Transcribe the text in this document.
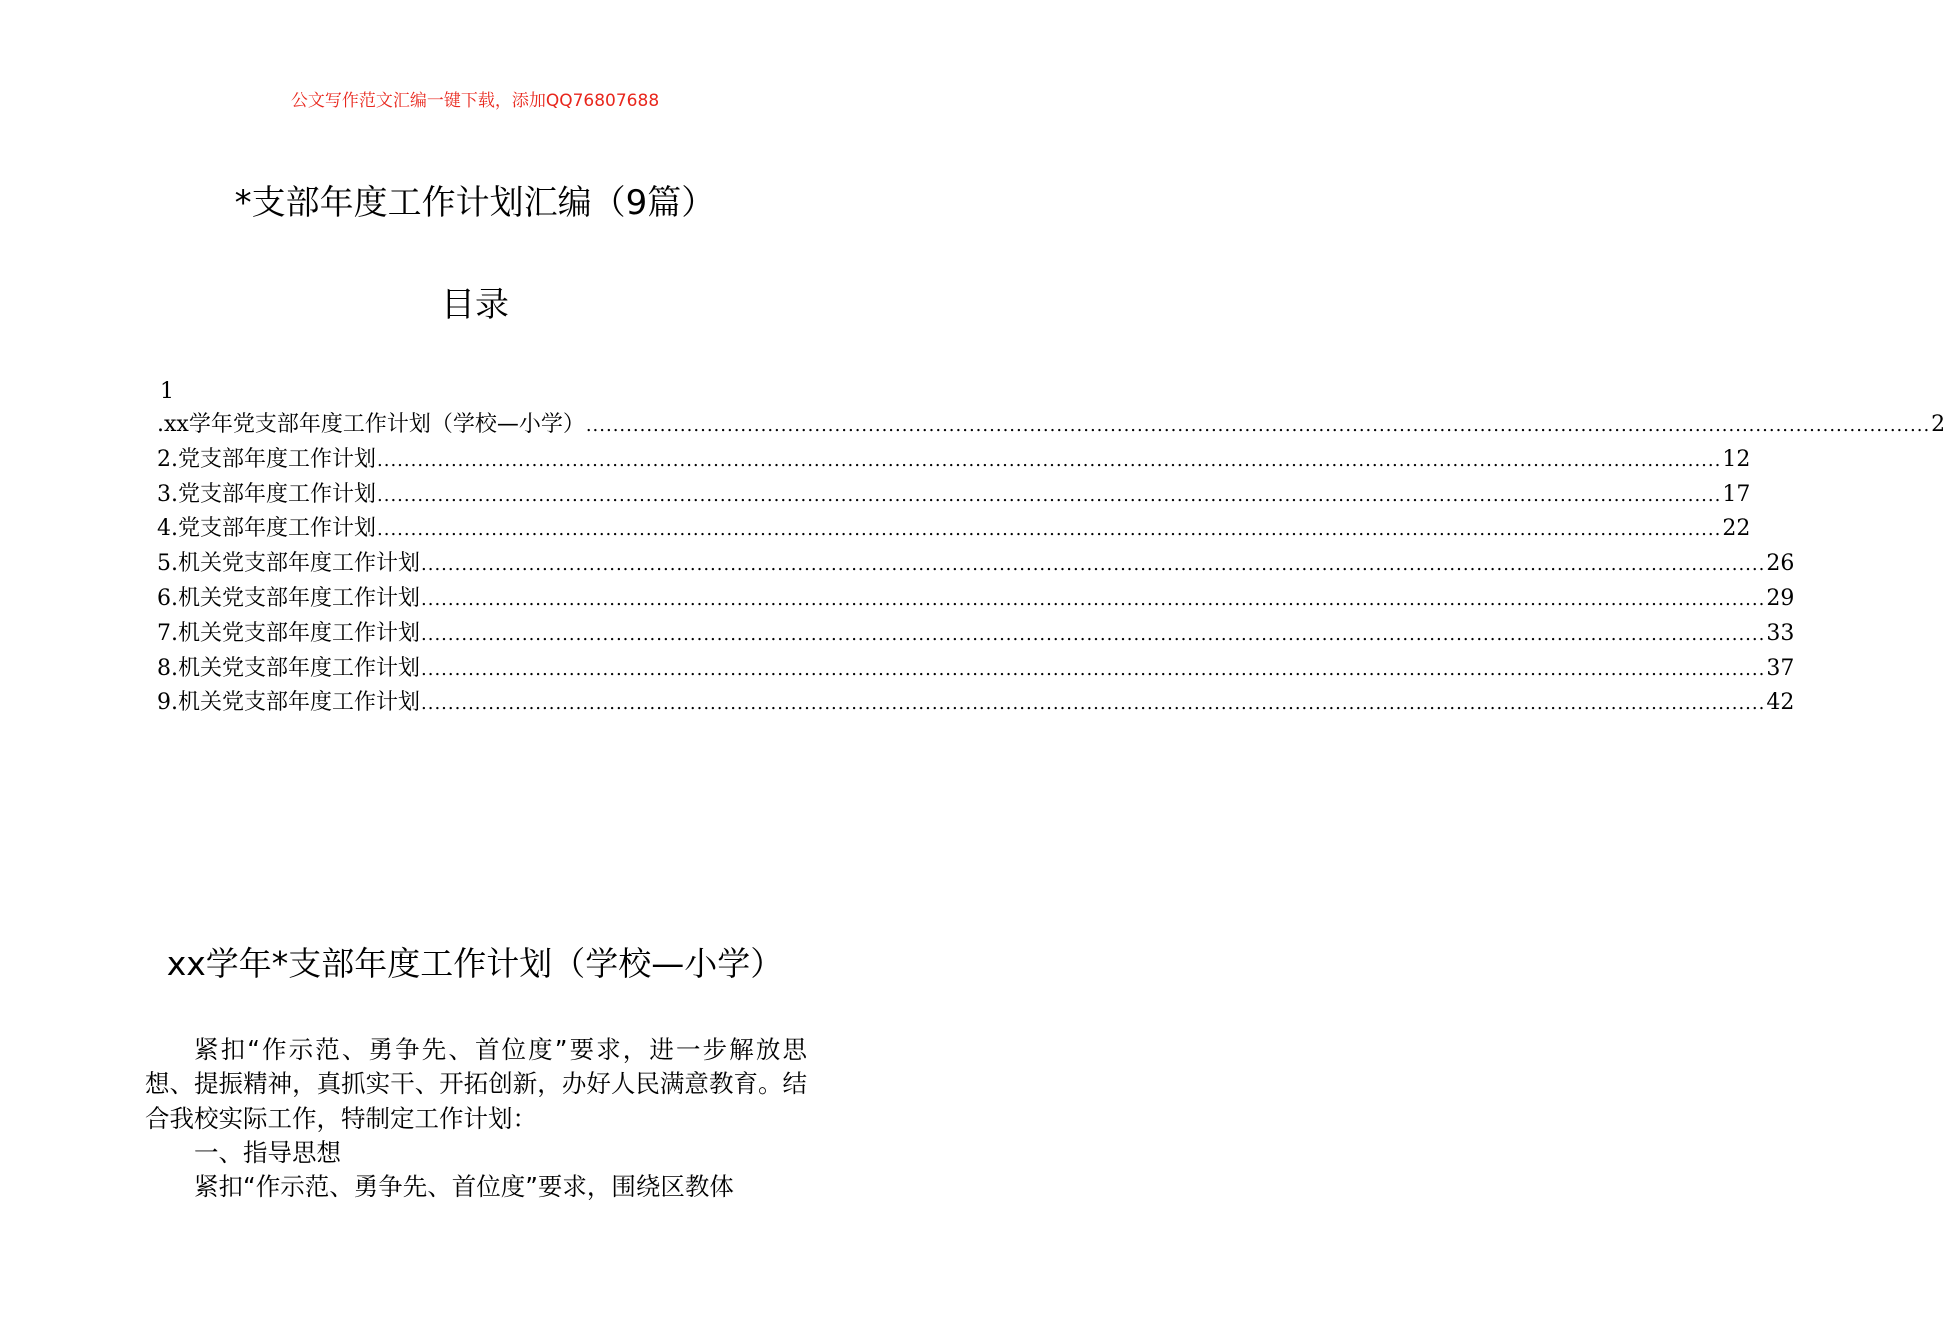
公文写作范文汇编一键下载，添加QQ76807688
*支部年度工作计划汇编（9篇）
目录
1
.xx 学年党支部年度工作计划（学校—小学） ........................................................................................................................................................................................................ 2
2. 党支部年度工作计划 ........................................................................................................................................................................................................ 12
3. 党支部年度工作计划 ........................................................................................................................................................................................................ 17
4. 党支部年度工作计划 ........................................................................................................................................................................................................ 22
5. 机关党支部年度工作计划 ........................................................................................................................................................................................................ 26
6. 机关党支部年度工作计划 ........................................................................................................................................................................................................ 29
7. 机关党支部年度工作计划 ........................................................................................................................................................................................................ 33
8. 机关党支部年度工作计划 ........................................................................................................................................................................................................ 37
9. 机关党支部年度工作计划 ........................................................................................................................................................................................................ 42
xx学年*支部年度工作计划（学校—小学）

紧扣“作示范、勇争先、首位度”要求，进一步解放思想、提振精神，真抓实干、开拓创新，办好人民满意教育。结合我校实际工作，特制定工作计划：

一、指导思想

紧扣“作示范、勇争先、首位度”要求，围绕区教体
